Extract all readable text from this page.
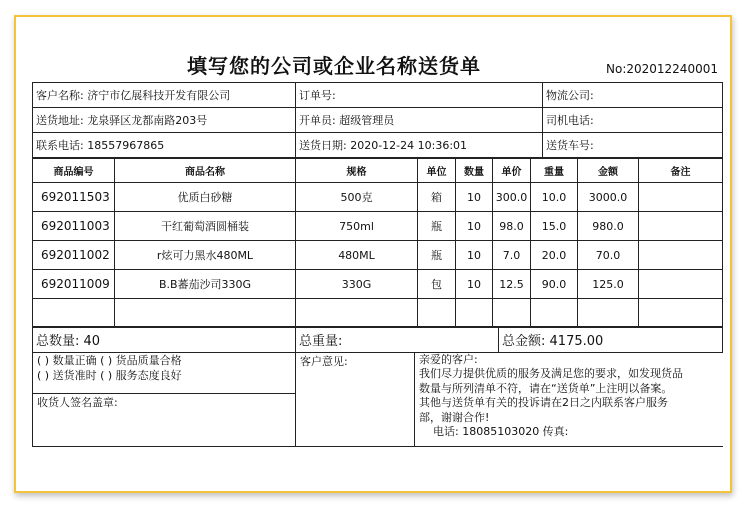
填写您的公司或企业名称送货单	No:202012240001
客户名称: 济宁市亿展科技开发有限公司	订单号:	物流公司:
送货地址: 龙泉驿区龙都南路203号	开单员: 超级管理员	司机电话:
联系电话: 18557967865	送货日期: 2020-12-24 10:36:01	送货车号:
商品编号	商品名称	规格	单位	数量	单价	重量	金额	备注
692011503	优质白砂糖	500克	箱	10	300.0	10.0	3000.0	
692011003	干红葡萄酒圆桶装	750ml	瓶	10	98.0	15.0	980.0	
692011002	r炫可力黑水480ML	480ML	瓶	10	7.0	20.0	70.0	
692011009	B.B蕃茄沙司330G	330G	包	10	12.5	90.0	125.0	

总数量: 40	总重量:	总金额: 4175.00
( ) 数量正确 ( ) 货品质量合格
( ) 送货准时 ( ) 服务态度良好
	客户意见:	亲爱的客户:
我们尽力提供优质的服务及满足您的要求，如发现货品
数量与所列清单不符，请在“送货单”上注明以备案。
其他与送货单有关的投诉请在2日之内联系客户服务
部，谢谢合作!
电话: 18085103020 传真:

收货人签名盖章:
